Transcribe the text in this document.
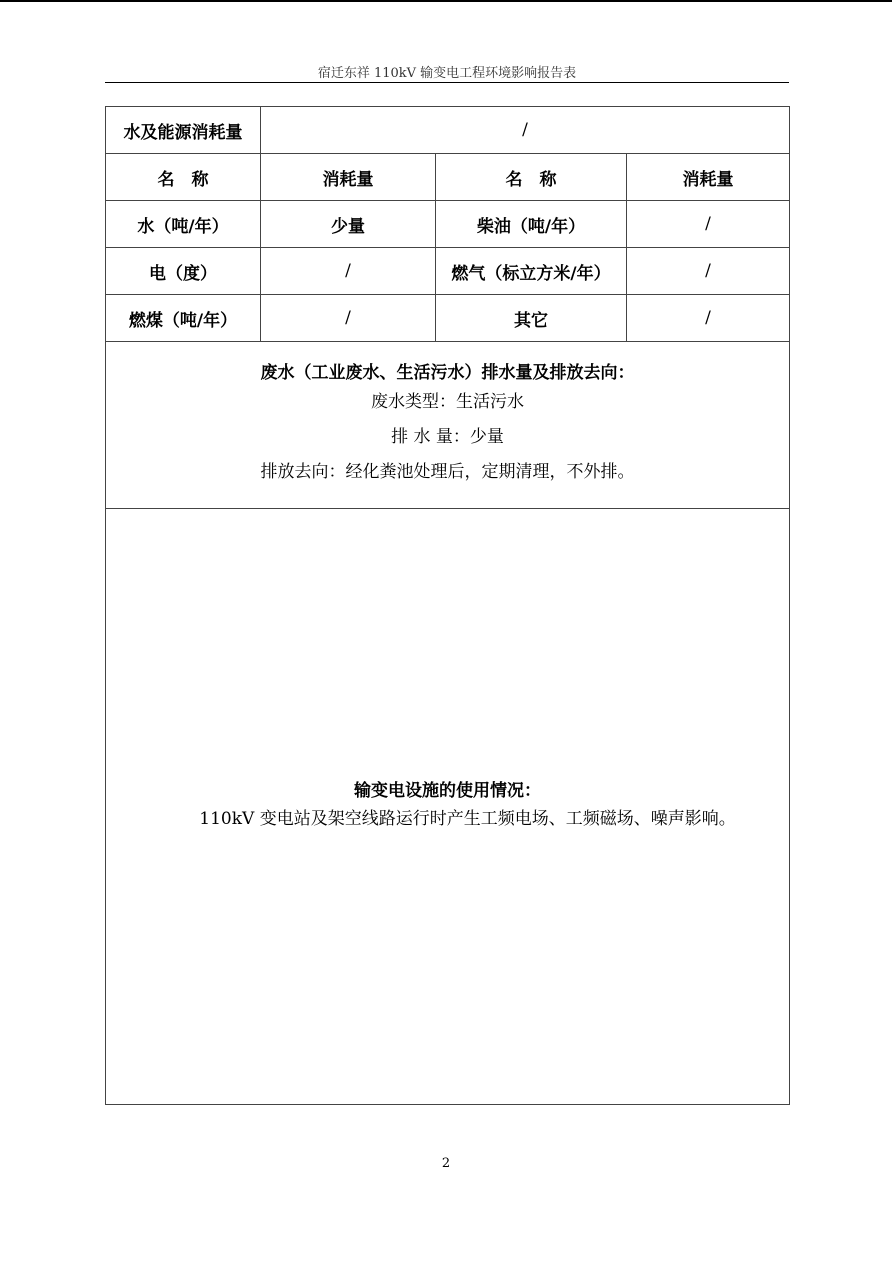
宿迁东祥 110kV 输变电工程环境影响报告表
水及能源消耗量	/		
名　称	消耗量	名　称	消耗量
水（吨/年）	少量	柴油（吨/年）	/
电（度）	/	燃气（标立方米/年）	/
燃煤（吨/年）	/	其它	/

废水（工业废水、生活污水）排水量及排放去向：
废水类型：生活污水
排 水 量：少量
排放去向：经化粪池处理后，定期清理，不外排。			

输变电设施的使用情况：
110kV 变电站及架空线路运行时产生工频电场、工频磁场、噪声影响。			
2
